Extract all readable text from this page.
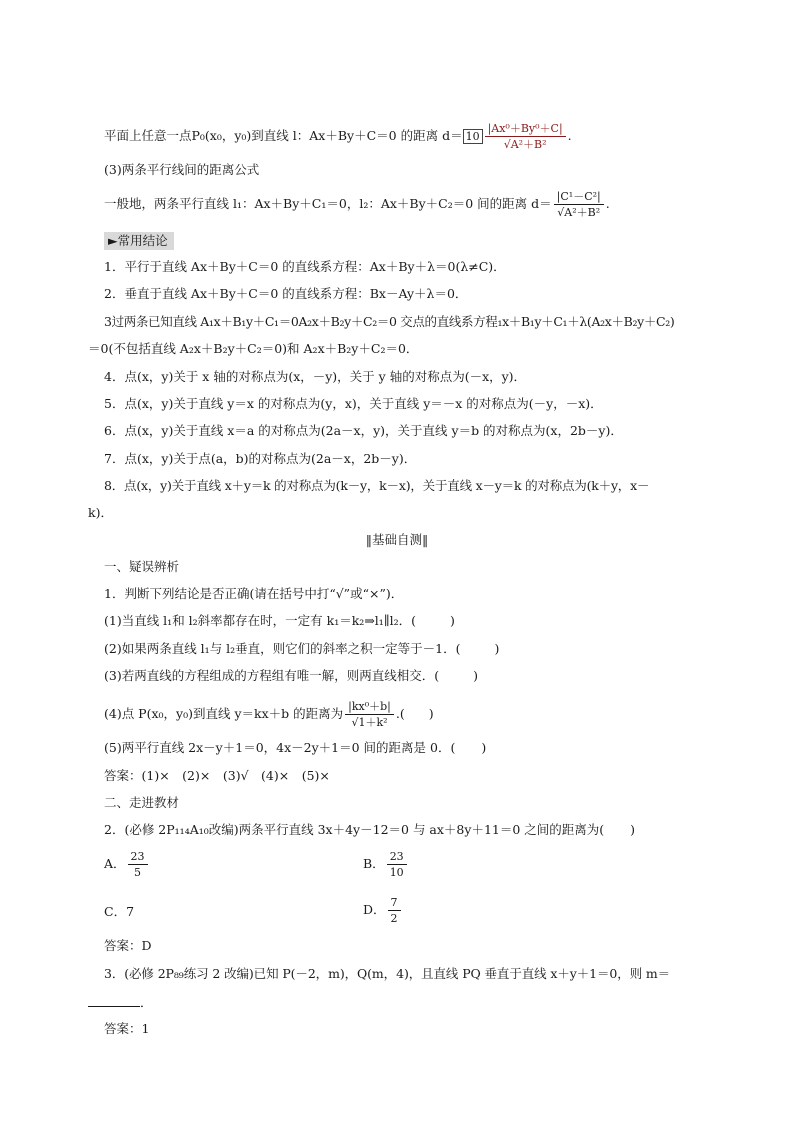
平面上任意一点P₀(x₀，y₀)到直线 l：Ax＋By＋C＝0 的距离 $d= 10 \frac{\text{|Ax⁰＋By⁰＋C|}}{\text{√A²＋B²}}$ .
(3)两条平行线间的距离公式
一般地，两条平行直线 l₁：Ax＋By＋C₁＝0，l₂：Ax＋By＋C₂＝0 间的距离 $d= \frac{\text{|C¹－C²|}}{\text{√A²＋B²}}$ .
►常用结论
1．平行于直线 Ax＋By＋C＝0 的直线系方程：Ax＋By＋λ＝0(λ≠C)．
2．垂直于直线 Ax＋By＋C＝0 的直线系方程：Bx－Ay＋λ＝0．
3过两条已知直线 A₁x＋B₁y＋C₁＝0A₂x＋B₂y＋C₂＝0 交点的直线系方程₁x＋B₁y＋C₁＋λ(A₂x＋B₂y＋C₂)
＝0(不包括直线 A₂x＋B₂y＋C₂＝0)和 A₂x＋B₂y＋C₂＝0．
4．点(x，y)关于 x 轴的对称点为(x，－y)，关于 y 轴的对称点为(－x，y)．
5．点(x，y)关于直线 y＝x 的对称点为(y，x)，关于直线 y＝－x 的对称点为(－y，－x)．
6．点(x，y)关于直线 x＝a 的对称点为(2a－x，y)，关于直线 y＝b 的对称点为(x，2b－y)．
7．点(x，y)关于点(a，b)的对称点为(2a－x，2b－y)．
8．点(x，y)关于直线 x＋y＝k 的对称点为(k－y，k－x)，关于直线 x－y＝k 的对称点为(k＋y，x－
k)．
‖基础自测‖
一、疑误辨析
1．判断下列结论是否正确(请在括号中打“√”或“×”)．
(1)当直线 l₁和 l₂斜率都存在时，一定有 k₁＝k₂⇒l₁∥l₂．(	)
(2)如果两条直线 l₁与 l₂垂直，则它们的斜率之积一定等于－1．(	)
(3)若两直线的方程组成的方程组有唯一解，则两直线相交．(	)
(4)点 P(x₀，y₀)到直线 y＝kx＋b 的距离为 $\frac{\text{|kx⁰＋b|}}{\text{√1＋k²}}$ .( )
(5)两平行直线 2x－y＋1＝0，4x－2y＋1＝0 间的距离是 0．( )
答案：(1)×　(2)×　(3)√　(4)×　(5)×
二、走进教材
2．(必修 2P₁₁₄A₁₀改编)两条平行直线 3x＋4y－12＝0 与 ax＋8y＋11＝0 之间的距离为( )
A． $\frac{23}{5}$	B． $\frac{23}{10}$
C．7	D． $\frac{7}{2}$
答案：D
3．(必修 2P₈₉练习 2 改编)已知 P(－2，m)，Q(m，4)，且直线 PQ 垂直于直线 x＋y＋1＝0，则 m＝
．
答案：1
